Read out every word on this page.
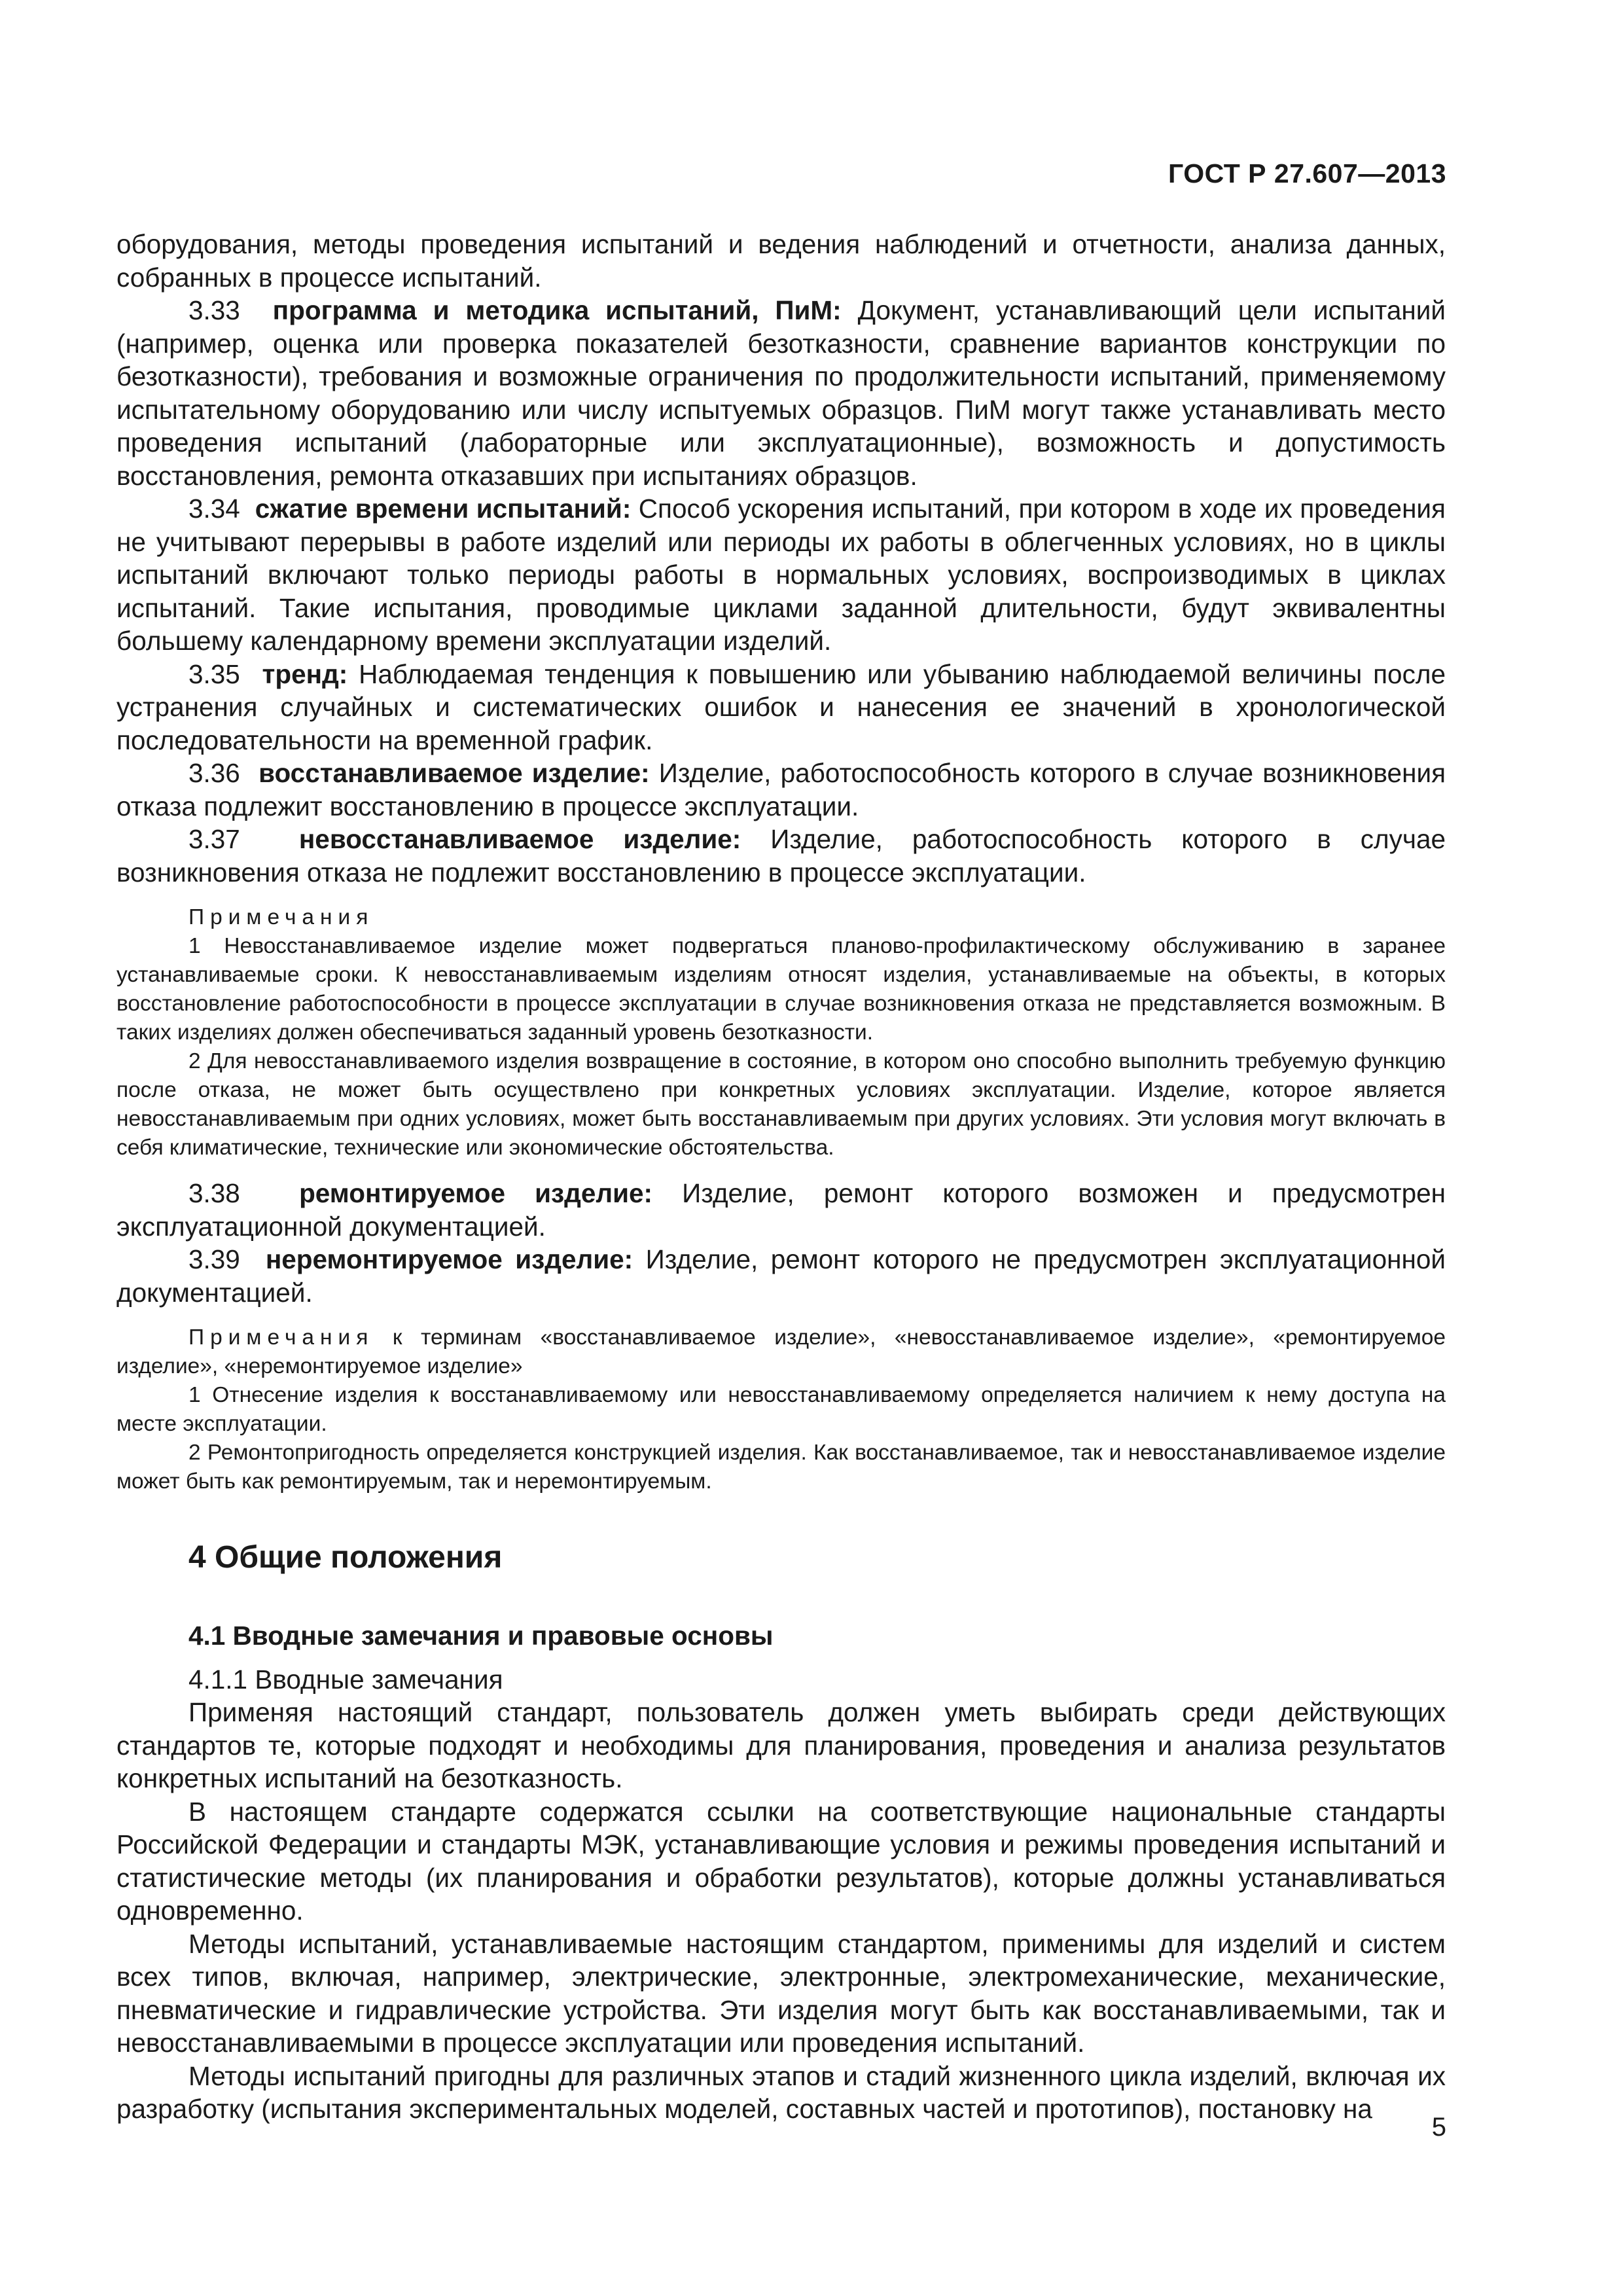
ГОСТ Р 27.607—2013

оборудования, методы проведения испытаний и ведения наблюдений и отчетности, анализа данных, собранных в процессе испытаний.

3.33 программа и методика испытаний, ПиМ: Документ, устанавливающий цели испытаний (например, оценка или проверка показателей безотказности, сравнение вариантов конструкции по безотказности), требования и возможные ограничения по продолжительности испытаний, применяемому испытательному оборудованию или числу испытуемых образцов. ПиМ могут также устанавливать место проведения испытаний (лабораторные или эксплуатационные), возможность и допустимость восстановления, ремонта отказавших при испытаниях образцов.

3.34 сжатие времени испытаний: Способ ускорения испытаний, при котором в ходе их проведения не учитывают перерывы в работе изделий или периоды их работы в облегченных условиях, но в циклы испытаний включают только периоды работы в нормальных условиях, воспроизводимых в циклах испытаний. Такие испытания, проводимые циклами заданной длительности, будут эквивалентны большему календарному времени эксплуатации изделий.

3.35 тренд: Наблюдаемая тенденция к повышению или убыванию наблюдаемой величины после устранения случайных и систематических ошибок и нанесения ее значений в хронологической последовательности на временной график.

3.36 восстанавливаемое изделие: Изделие, работоспособность которого в случае возникновения отказа подлежит восстановлению в процессе эксплуатации.

3.37 невосстанавливаемое изделие: Изделие, работоспособность которого в случае возникновения отказа не подлежит восстановлению в процессе эксплуатации.

Примечания

1 Невосстанавливаемое изделие может подвергаться планово-профилактическому обслуживанию в заранее устанавливаемые сроки. К невосстанавливаемым изделиям относят изделия, устанавливаемые на объекты, в которых восстановление работоспособности в процессе эксплуатации в случае возникновения отказа не представляется возможным. В таких изделиях должен обеспечиваться заданный уровень безотказности.

2 Для невосстанавливаемого изделия возвращение в состояние, в котором оно способно выполнить требуемую функцию после отказа, не может быть осуществлено при конкретных условиях эксплуатации. Изделие, которое является невосстанавливаемым при одних условиях, может быть восстанавливаемым при других условиях. Эти условия могут включать в себя климатические, технические или экономические обстоятельства.

3.38 ремонтируемое изделие: Изделие, ремонт которого возможен и предусмотрен эксплуатационной документацией.

3.39 неремонтируемое изделие: Изделие, ремонт которого не предусмотрен эксплуатационной документацией.

Примечания к терминам «восстанавливаемое изделие», «невосстанавливаемое изделие», «ремонтируемое изделие», «неремонтируемое изделие»

1 Отнесение изделия к восстанавливаемому или невосстанавливаемому определяется наличием к нему доступа на месте эксплуатации.

2 Ремонтопригодность определяется конструкцией изделия. Как восстанавливаемое, так и невосстанавливаемое изделие может быть как ремонтируемым, так и неремонтируемым.

4 Общие положения
4.1 Вводные замечания и правовые основы

4.1.1 Вводные замечания

Применяя настоящий стандарт, пользователь должен уметь выбирать среди действующих стандартов те, которые подходят и необходимы для планирования, проведения и анализа результатов конкретных испытаний на безотказность.

В настоящем стандарте содержатся ссылки на соответствующие национальные стандарты Российской Федерации и стандарты МЭК, устанавливающие условия и режимы проведения испытаний и статистические методы (их планирования и обработки результатов), которые должны устанавливаться одновременно.

Методы испытаний, устанавливаемые настоящим стандартом, применимы для изделий и систем всех типов, включая, например, электрические, электронные, электромеханические, механические, пневматические и гидравлические устройства. Эти изделия могут быть как восстанавливаемыми, так и невосстанавливаемыми в процессе эксплуатации или проведения испытаний.

Методы испытаний пригодны для различных этапов и стадий жизненного цикла изделий, включая их разработку (испытания экспериментальных моделей, составных частей и прототипов), постановку на

5
